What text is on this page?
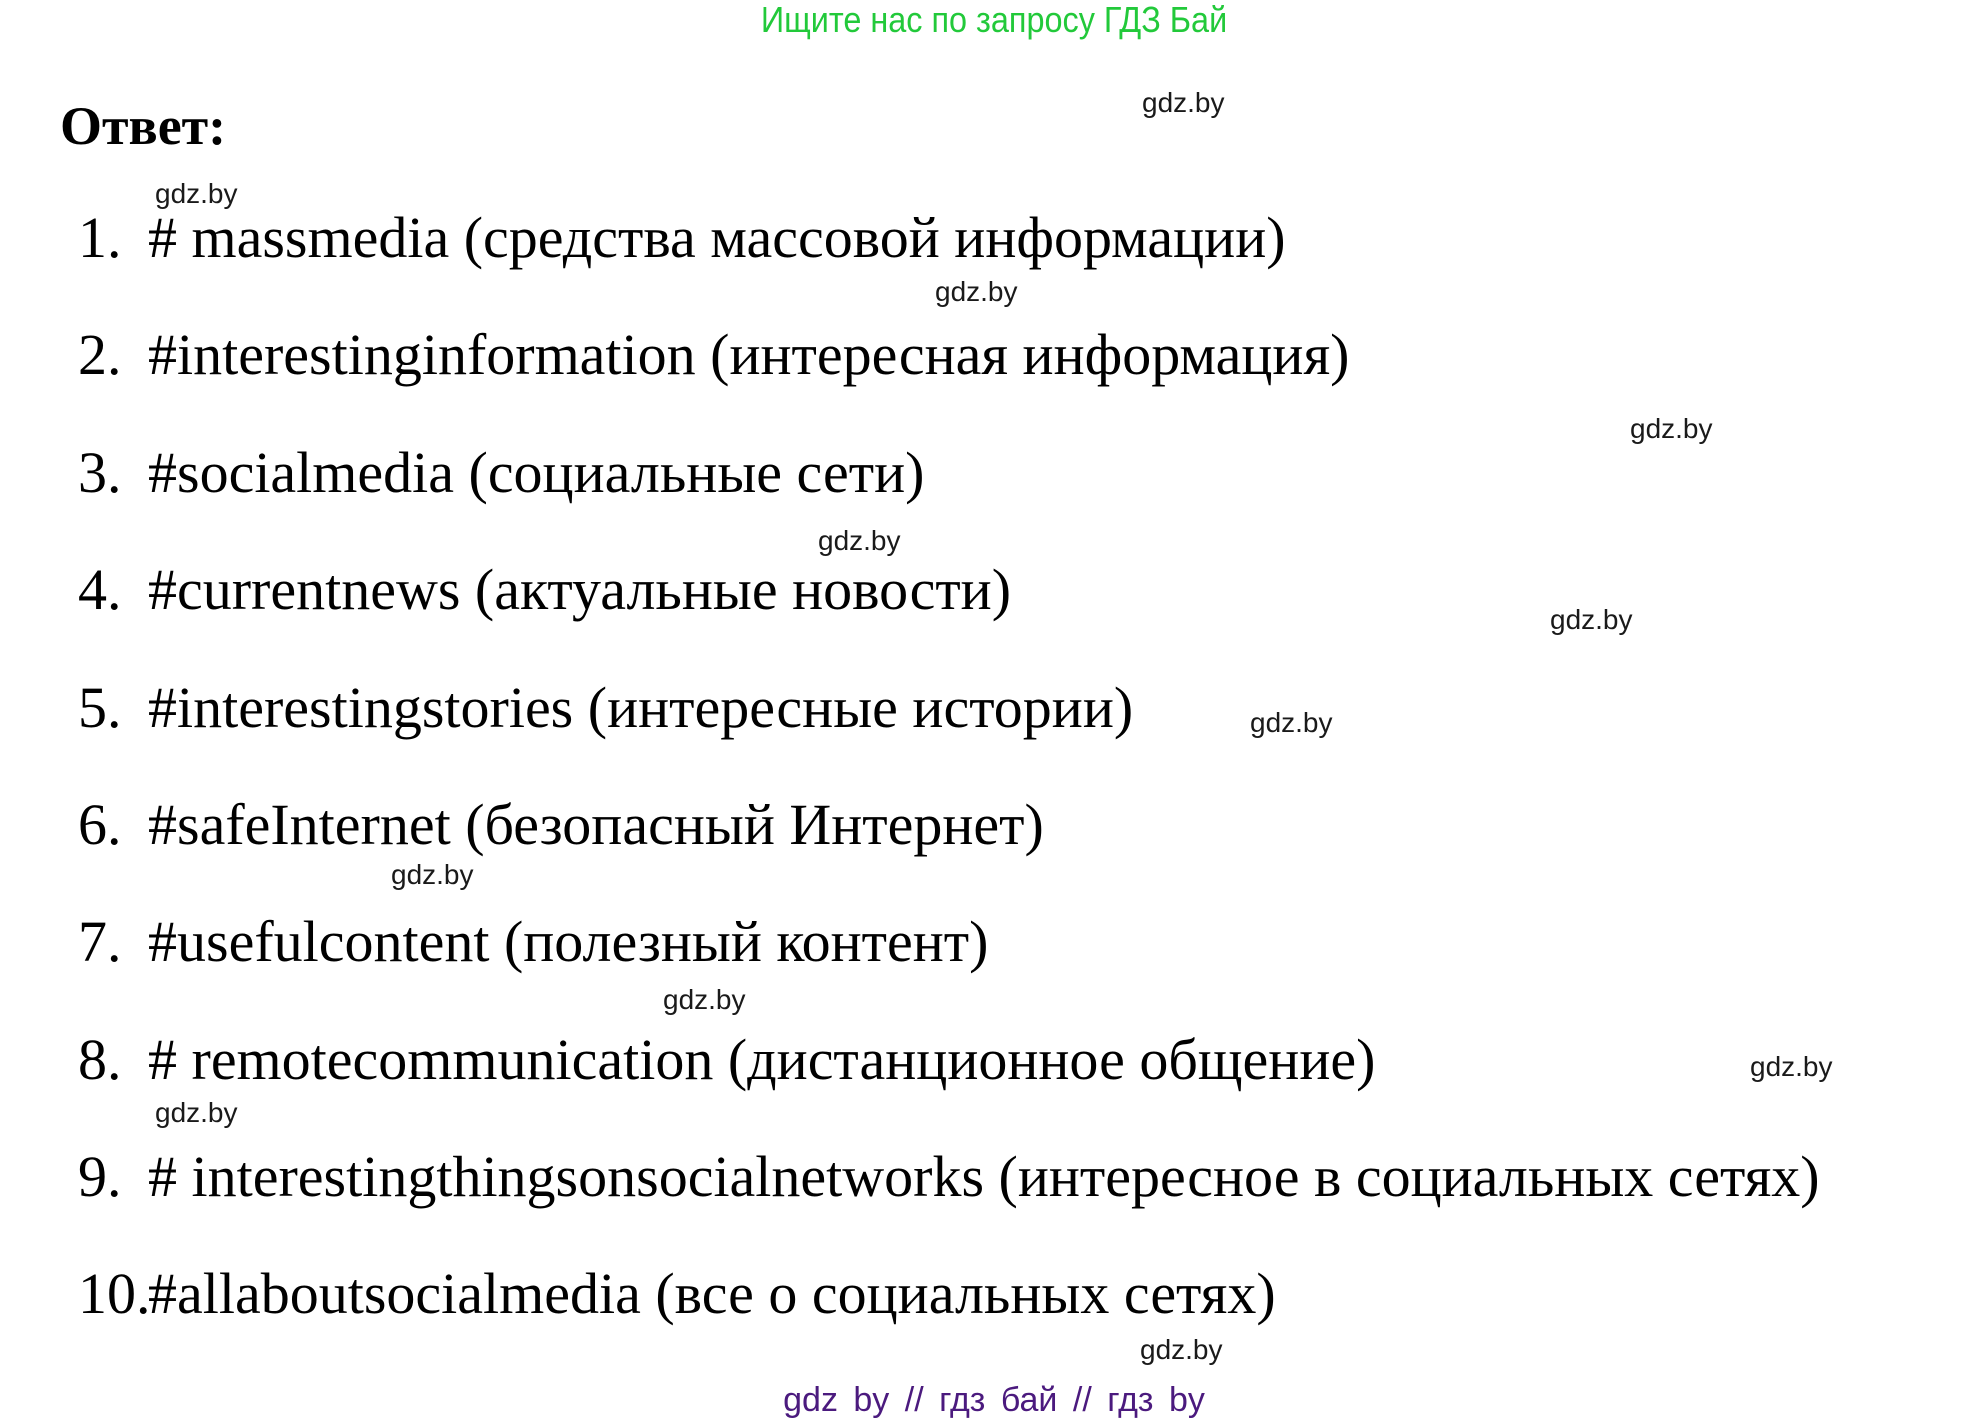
Ищите нас по запросу ГДЗ Бай
Ответ:
1. # massmedia (средства массовой информации)
2. #interestinginformation (интересная информация)
3. #socialmedia (социальные сети)
4. #currentnews (актуальные новости)
5. #interestingstories (интересные истории)
6. #safeInternet (безопасный Интернет)
7. #usefulcontent (полезный контент)
8. # remotecommunication (дистанционное общение)
9. # interestingthingsonsocialnetworks (интересное в социальных сетях)
10.
#allaboutsocialmedia (все о социальных сетях)
gdz.by
gdz.by
gdz.by
gdz.by
gdz.by
gdz.by
gdz.by
gdz.by
gdz.by
gdz.by
gdz.by
gdz.by
gdz by // гдз бай // гдз by
